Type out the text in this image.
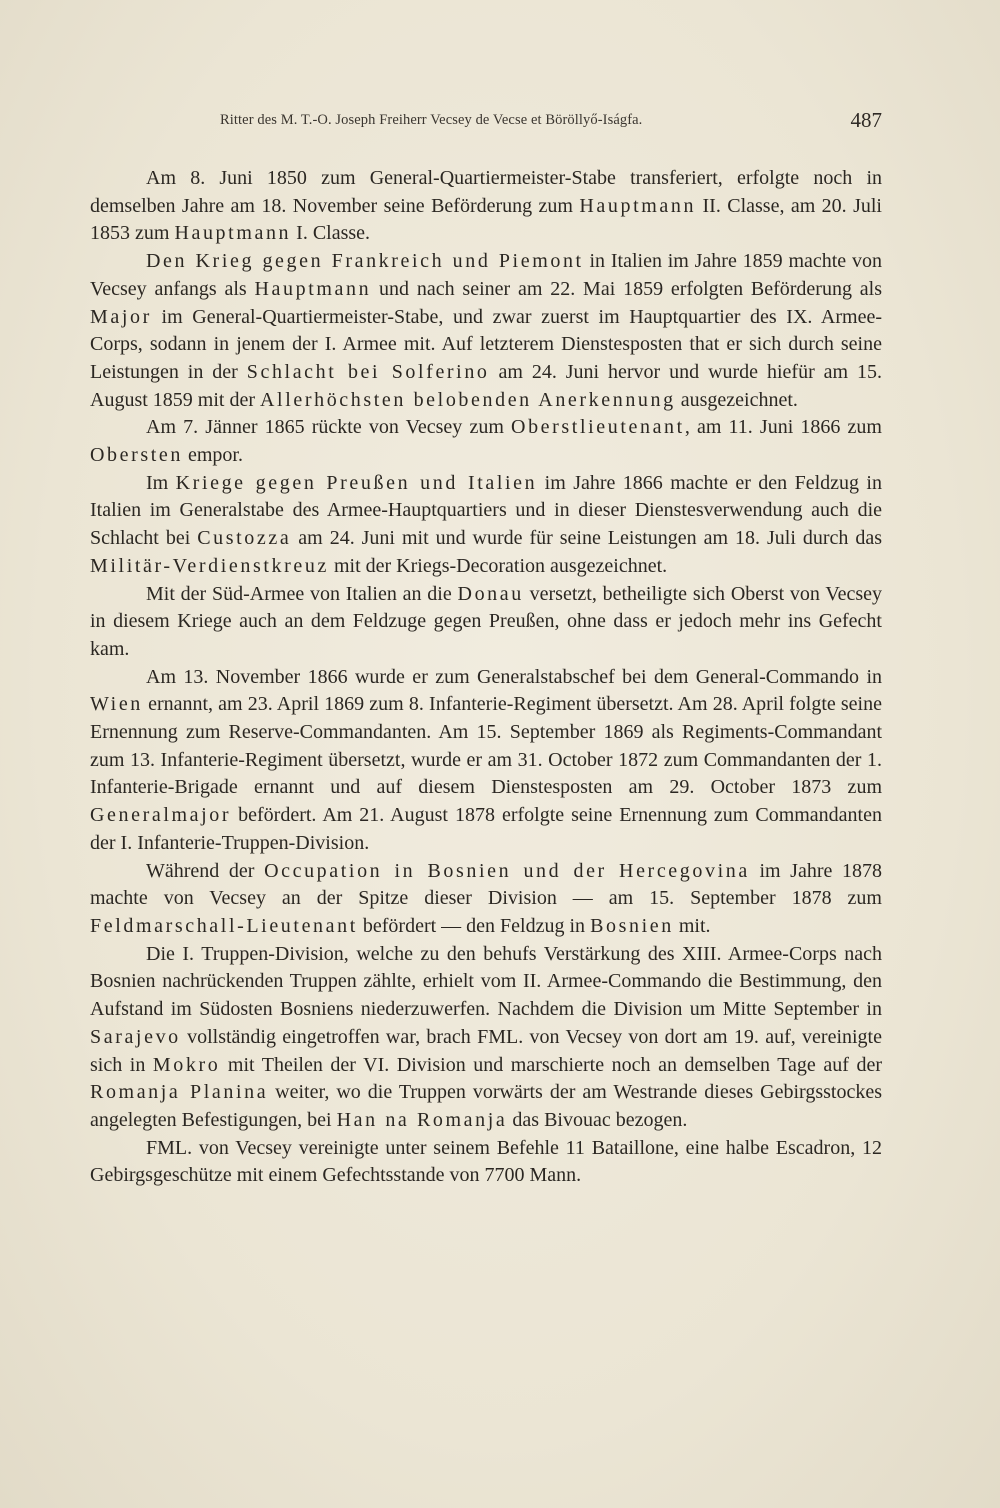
Ritter des M. T.-O. Joseph Freiherr Vecsey de Vecse et Böröllyő-Iságfa.	487

Am 8. Juni 1850 zum General-Quartiermeister-Stabe transferiert, erfolgte noch in demselben Jahre am 18. November seine Beförderung zum Hauptmann II. Classe, am 20. Juli 1853 zum Hauptmann I. Classe.

Den Krieg gegen Frankreich und Piemont in Italien im Jahre 1859 machte von Vecsey anfangs als Hauptmann und nach seiner am 22. Mai 1859 erfolgten Beförderung als Major im General-Quartiermeister-Stabe, und zwar zuerst im Hauptquartier des IX. Armee-Corps, sodann in jenem der I. Armee mit. Auf letzterem Dienstesposten that er sich durch seine Leistungen in der Schlacht bei Solferino am 24. Juni hervor und wurde hiefür am 15. August 1859 mit der Allerhöchsten belobenden Anerkennung ausgezeichnet.

Am 7. Jänner 1865 rückte von Vecsey zum Oberstlieutenant, am 11. Juni 1866 zum Obersten empor.

Im Kriege gegen Preußen und Italien im Jahre 1866 machte er den Feldzug in Italien im Generalstabe des Armee-Hauptquartiers und in dieser Dienstesverwendung auch die Schlacht bei Custozza am 24. Juni mit und wurde für seine Leistungen am 18. Juli durch das Militär-Verdienstkreuz mit der Kriegs-Decoration ausgezeichnet.

Mit der Süd-Armee von Italien an die Donau versetzt, betheiligte sich Oberst von Vecsey in diesem Kriege auch an dem Feldzuge gegen Preußen, ohne dass er jedoch mehr ins Gefecht kam.

Am 13. November 1866 wurde er zum Generalstabschef bei dem General-Commando in Wien ernannt, am 23. April 1869 zum 8. Infanterie-Regiment übersetzt. Am 28. April folgte seine Ernennung zum Reserve-Commandanten. Am 15. September 1869 als Regiments-Commandant zum 13. Infanterie-Regiment übersetzt, wurde er am 31. October 1872 zum Commandanten der 1. Infanterie-Brigade ernannt und auf diesem Dienstesposten am 29. October 1873 zum Generalmajor befördert. Am 21. August 1878 erfolgte seine Ernennung zum Commandanten der I. Infanterie-Truppen-Division.

Während der Occupation in Bosnien und der Hercegovina im Jahre 1878 machte von Vecsey an der Spitze dieser Division — am 15. September 1878 zum Feldmarschall-Lieutenant befördert — den Feldzug in Bosnien mit.

Die I. Truppen-Division, welche zu den behufs Verstärkung des XIII. Armee-Corps nach Bosnien nachrückenden Truppen zählte, erhielt vom II. Armee-Commando die Bestimmung, den Aufstand im Südosten Bosniens niederzuwerfen. Nachdem die Division um Mitte September in Sarajevo vollständig eingetroffen war, brach FML. von Vecsey von dort am 19. auf, vereinigte sich in Mokro mit Theilen der VI. Division und marschierte noch an demselben Tage auf der Romanja Planina weiter, wo die Truppen vorwärts der am Westrande dieses Gebirgsstockes angelegten Befestigungen, bei Han na Romanja das Bivouac bezogen.

FML. von Vecsey vereinigte unter seinem Befehle 11 Bataillone, eine halbe Escadron, 12 Gebirgsgeschütze mit einem Gefechtsstande von 7700 Mann.
